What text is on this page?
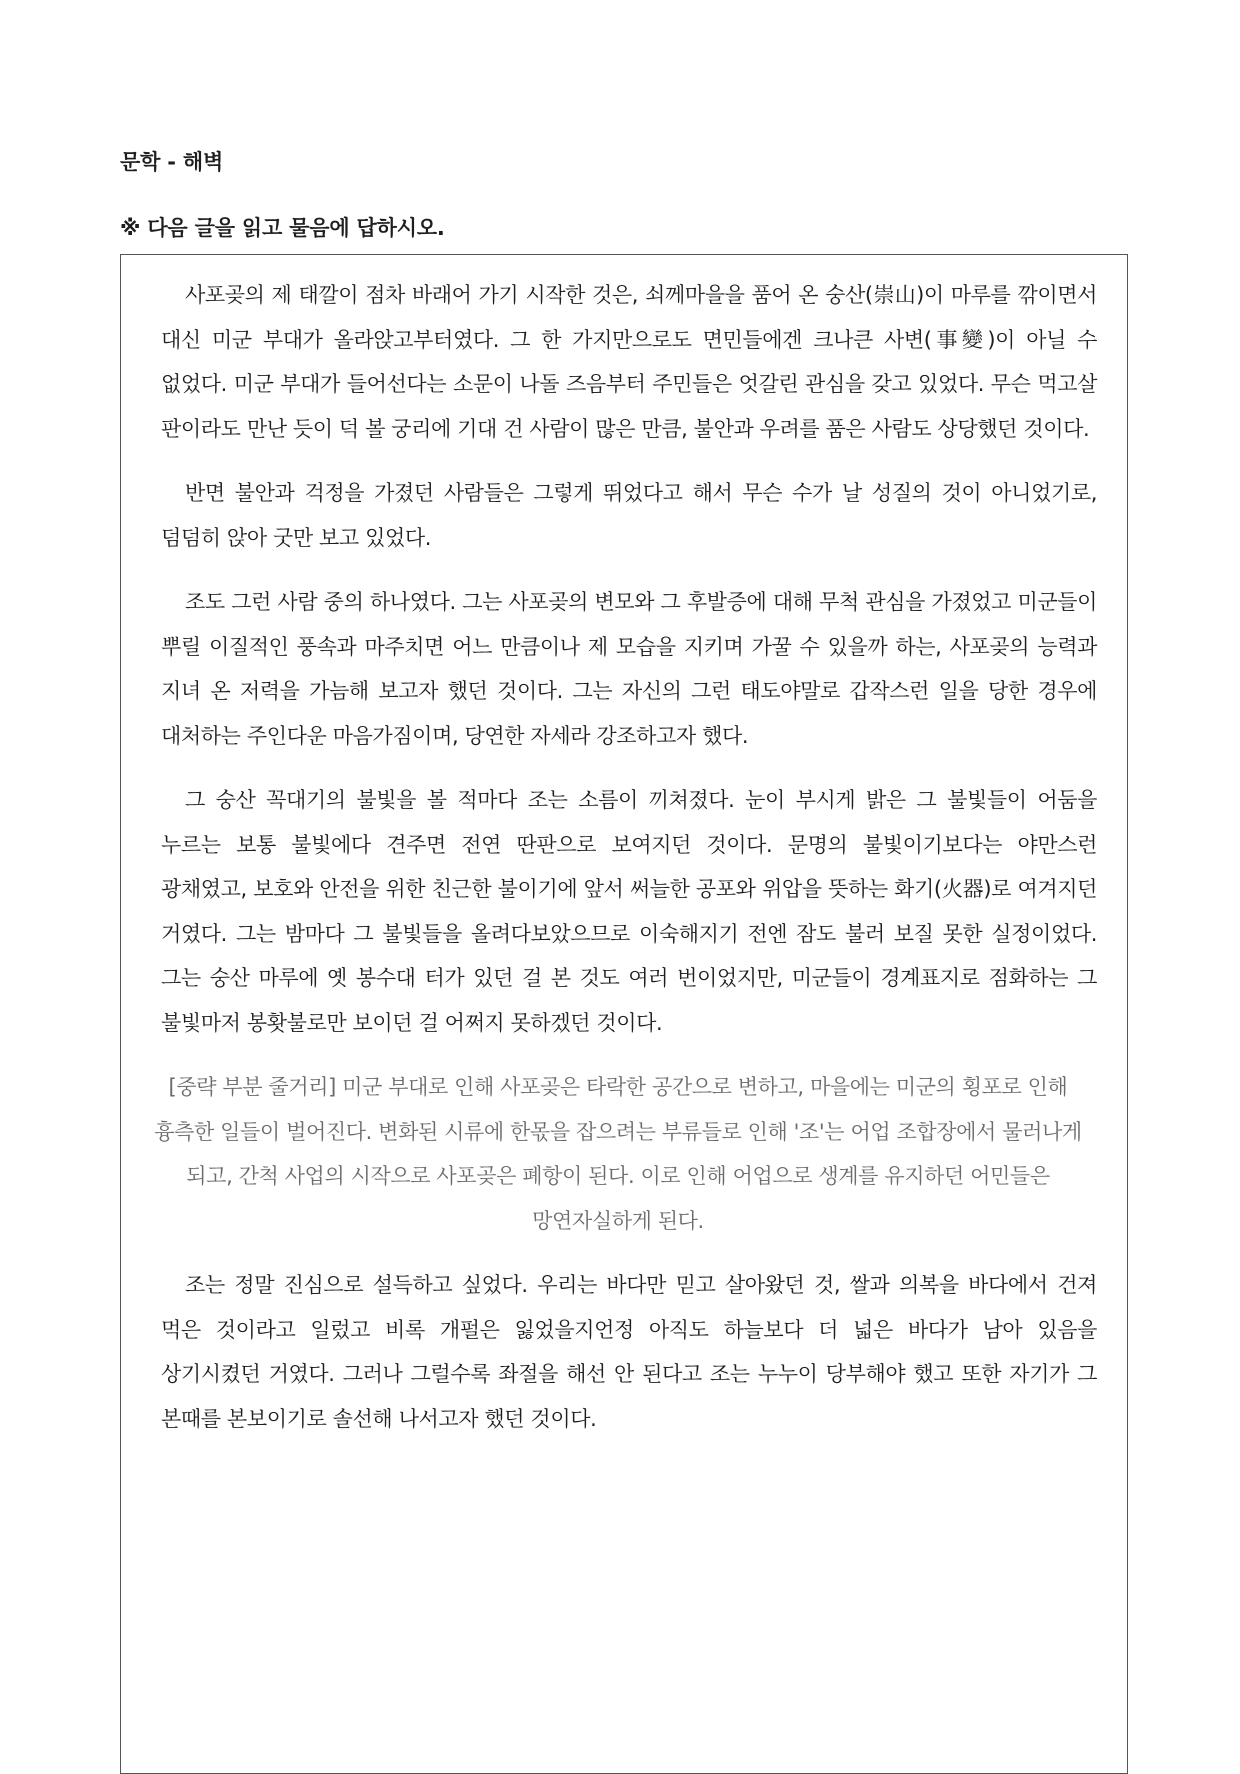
문학 - 해벽

※ 다음 글을 읽고 물음에 답하시오.

사포곶의 제 태깔이 점차 바래어 가기 시작한 것은, 쇠께마을을 품어 온 숭산(崇山)이 마루를 깎이면서 대신 미군 부대가 올라앉고부터였다. 그 한 가지만으로도 면민들에겐 크나큰 사변(事變)이 아닐 수 없었다. 미군 부대가 들어선다는 소문이 나돌 즈음부터 주민들은 엇갈린 관심을 갖고 있었다. 무슨 먹고살 판이라도 만난 듯이 덕 볼 궁리에 기대 건 사람이 많은 만큼, 불안과 우려를 품은 사람도 상당했던 것이다.

반면 불안과 걱정을 가졌던 사람들은 그렇게 뛰었다고 해서 무슨 수가 날 성질의 것이 아니었기로, 덤덤히 앉아 굿만 보고 있었다.

조도 그런 사람 중의 하나였다. 그는 사포곶의 변모와 그 후발증에 대해 무척 관심을 가졌었고 미군들이 뿌릴 이질적인 풍속과 마주치면 어느 만큼이나 제 모습을 지키며 가꿀 수 있을까 하는, 사포곶의 능력과 지녀 온 저력을 가늠해 보고자 했던 것이다. 그는 자신의 그런 태도야말로 갑작스런 일을 당한 경우에 대처하는 주인다운 마음가짐이며, 당연한 자세라 강조하고자 했다.

그 숭산 꼭대기의 불빛을 볼 적마다 조는 소름이 끼쳐졌다. 눈이 부시게 밝은 그 불빛들이 어둠을 누르는 보통 불빛에다 견주면 전연 딴판으로 보여지던 것이다. 문명의 불빛이기보다는 야만스런 광채였고, 보호와 안전을 위한 친근한 불이기에 앞서 써늘한 공포와 위압을 뜻하는 화기(火器)로 여겨지던 거였다. 그는 밤마다 그 불빛들을 올려다보았으므로 이숙해지기 전엔 잠도 불러 보질 못한 실정이었다. 그는 숭산 마루에 옛 봉수대 터가 있던 걸 본 것도 여러 번이었지만, 미군들이 경계표지로 점화하는 그 불빛마저 봉홧불로만 보이던 걸 어쩌지 못하겠던 것이다.

[중략 부분 줄거리] 미군 부대로 인해 사포곶은 타락한 공간으로 변하고, 마을에는 미군의 횡포로 인해 흉측한 일들이 벌어진다. 변화된 시류에 한몫을 잡으려는 부류들로 인해 '조'는 어업 조합장에서 물러나게 되고, 간척 사업의 시작으로 사포곶은 폐항이 된다. 이로 인해 어업으로 생계를 유지하던 어민들은 망연자실하게 된다.

조는 정말 진심으로 설득하고 싶었다. 우리는 바다만 믿고 살아왔던 것, 쌀과 의복을 바다에서 건져 먹은 것이라고 일렀고 비록 개펄은 잃었을지언정 아직도 하늘보다 더 넓은 바다가 남아 있음을 상기시켰던 거였다. 그러나 그럴수록 좌절을 해선 안 된다고 조는 누누이 당부해야 했고 또한 자기가 그 본때를 본보이기로 솔선해 나서고자 했던 것이다.
